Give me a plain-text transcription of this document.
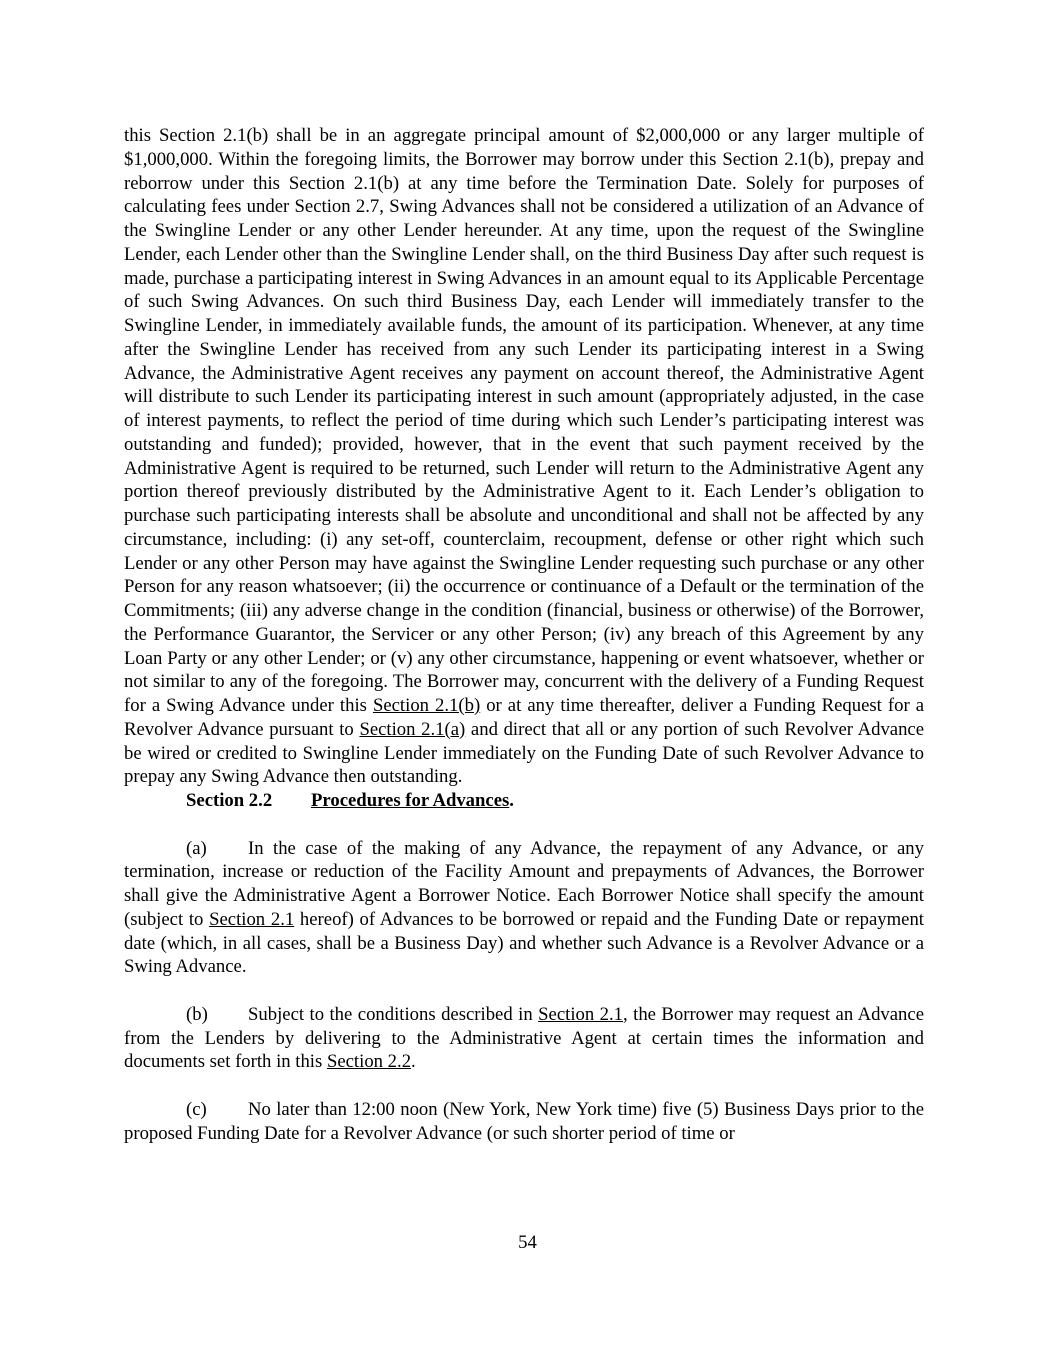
this Section 2.1(b) shall be in an aggregate principal amount of $2,000,000 or any larger multiple of $1,000,000. Within the foregoing limits, the Borrower may borrow under this Section 2.1(b), prepay and reborrow under this Section 2.1(b) at any time before the Termination Date. Solely for purposes of calculating fees under Section 2.7, Swing Advances shall not be considered a utilization of an Advance of the Swingline Lender or any other Lender hereunder. At any time, upon the request of the Swingline Lender, each Lender other than the Swingline Lender shall, on the third Business Day after such request is made, purchase a participating interest in Swing Advances in an amount equal to its Applicable Percentage of such Swing Advances. On such third Business Day, each Lender will immediately transfer to the Swingline Lender, in immediately available funds, the amount of its participation. Whenever, at any time after the Swingline Lender has received from any such Lender its participating interest in a Swing Advance, the Administrative Agent receives any payment on account thereof, the Administrative Agent will distribute to such Lender its participating interest in such amount (appropriately adjusted, in the case of interest payments, to reflect the period of time during which such Lender’s participating interest was outstanding and funded); provided, however, that in the event that such payment received by the Administrative Agent is required to be returned, such Lender will return to the Administrative Agent any portion thereof previously distributed by the Administrative Agent to it. Each Lender’s obligation to purchase such participating interests shall be absolute and unconditional and shall not be affected by any circumstance, including: (i) any set-off, counterclaim, recoupment, defense or other right which such Lender or any other Person may have against the Swingline Lender requesting such purchase or any other Person for any reason whatsoever; (ii) the occurrence or continuance of a Default or the termination of the Commitments; (iii) any adverse change in the condition (financial, business or otherwise) of the Borrower, the Performance Guarantor, the Servicer or any other Person; (iv) any breach of this Agreement by any Loan Party or any other Lender; or (v) any other circumstance, happening or event whatsoever, whether or not similar to any of the foregoing. The Borrower may, concurrent with the delivery of a Funding Request for a Swing Advance under this Section 2.1(b) or at any time thereafter, deliver a Funding Request for a Revolver Advance pursuant to Section 2.1(a) and direct that all or any portion of such Revolver Advance be wired or credited to Swingline Lender immediately on the Funding Date of such Revolver Advance to prepay any Swing Advance then outstanding.

Section 2.2 Procedures for Advances.

(a) In the case of the making of any Advance, the repayment of any Advance, or any termination, increase or reduction of the Facility Amount and prepayments of Advances, the Borrower shall give the Administrative Agent a Borrower Notice. Each Borrower Notice shall specify the amount (subject to Section 2.1 hereof) of Advances to be borrowed or repaid and the Funding Date or repayment date (which, in all cases, shall be a Business Day) and whether such Advance is a Revolver Advance or a Swing Advance.

(b) Subject to the conditions described in Section 2.1, the Borrower may request an Advance from the Lenders by delivering to the Administrative Agent at certain times the information and documents set forth in this Section 2.2.

(c) No later than 12:00 noon (New York, New York time) five (5) Business Days prior to the proposed Funding Date for a Revolver Advance (or such shorter period of time or

54
